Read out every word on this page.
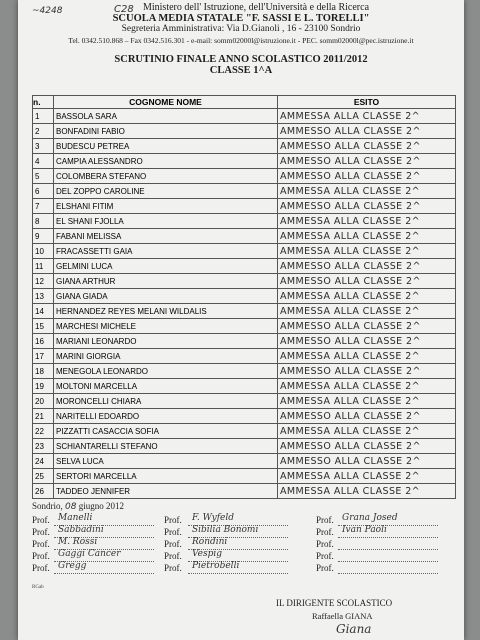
~4248	C28 Ministero dell' Istruzione, dell'Università e della Ricerca
SCUOLA MEDIA STATALE "F. SASSI E L. TORELLI"
Segreteria Amministrativa: Via D.Gianoli , 16 - 23100 Sondrio
Tel. 0342.510.868 – Fax 0342.516.301 - e-mail: somm02000l@istruzione.it - PEC. somm02000l@pec.istruzione.it
SCRUTINIO FINALE ANNO SCOLASTICO 2011/2012
CLASSE 1^A
n.	COGNOME NOME	ESITO
1	BASSOLA SARA	AMMESSA ALLA CLASSE 2^
2	BONFADINI FABIO	AMMESSO ALLA CLASSE 2^
3	BUDESCU PETREA	AMMESSO ALLA CLASSE 2^
4	CAMPIA ALESSANDRO	AMMESSO ALLA CLASSE 2^
5	COLOMBERA STEFANO	AMMESSO ALLA CLASSE 2^
6	DEL ZOPPO CAROLINE	AMMESSA ALLA CLASSE 2^
7	ELSHANI FITIM	AMMESSO ALLA CLASSE 2^
8	EL SHANI FJOLLA	AMMESSA ALLA CLASSE 2^
9	FABANI MELISSA	AMMESSA ALLA CLASSE 2^
10	FRACASSETTI GAIA	AMMESSA ALLA CLASSE 2^
11	GELMINI LUCA	AMMESSO ALLA CLASSE 2^
12	GIANA ARTHUR	AMMESSO ALLA CLASSE 2^
13	GIANA GIADA	AMMESSA ALLA CLASSE 2^
14	HERNANDEZ REYES MELANI WILDALIS	AMMESSA ALLA CLASSE 2^
15	MARCHESI MICHELE	AMMESSO ALLA CLASSE 2^
16	MARIANI LEONARDO	AMMESSO ALLA CLASSE 2^
17	MARINI GIORGIA	AMMESSA ALLA CLASSE 2^
18	MENEGOLA LEONARDO	AMMESSO ALLA CLASSE 2^
19	MOLTONI MARCELLA	AMMESSA ALLA CLASSE 2^
20	MORONCELLI CHIARA	AMMESSA ALLA CLASSE 2^
21	NARITELLI EDOARDO	AMMESSO ALLA CLASSE 2^
22	PIZZATTI CASACCIA SOFIA	AMMESSA ALLA CLASSE 2^
23	SCHIANTARELLI STEFANO	AMMESSO ALLA CLASSE 2^
24	SELVA LUCA	AMMESSO ALLA CLASSE 2^
25	SERTORI MARCELLA	AMMESSA ALLA CLASSE 2^
26	TADDEO JENNIFER	AMMESSA ALLA CLASSE 2^
Sondrio, 08 giugno 2012
Prof. Manelli
Prof. Sabbadini
Prof. M. Rossi
Prof. Gaggi Cancer
Prof. Gregg
Prof. F. Wyfeld
Prof. Sibilia Bonomi
Prof. Rondini
Prof. Vespig
Prof. Pietrobelli
Prof. Grana Josed
Prof. Ivan Paoli
Prof.
Prof.
Prof.
RGab
IL DIRIGENTE SCOLASTICO
Raffaella GIANA
Giana
